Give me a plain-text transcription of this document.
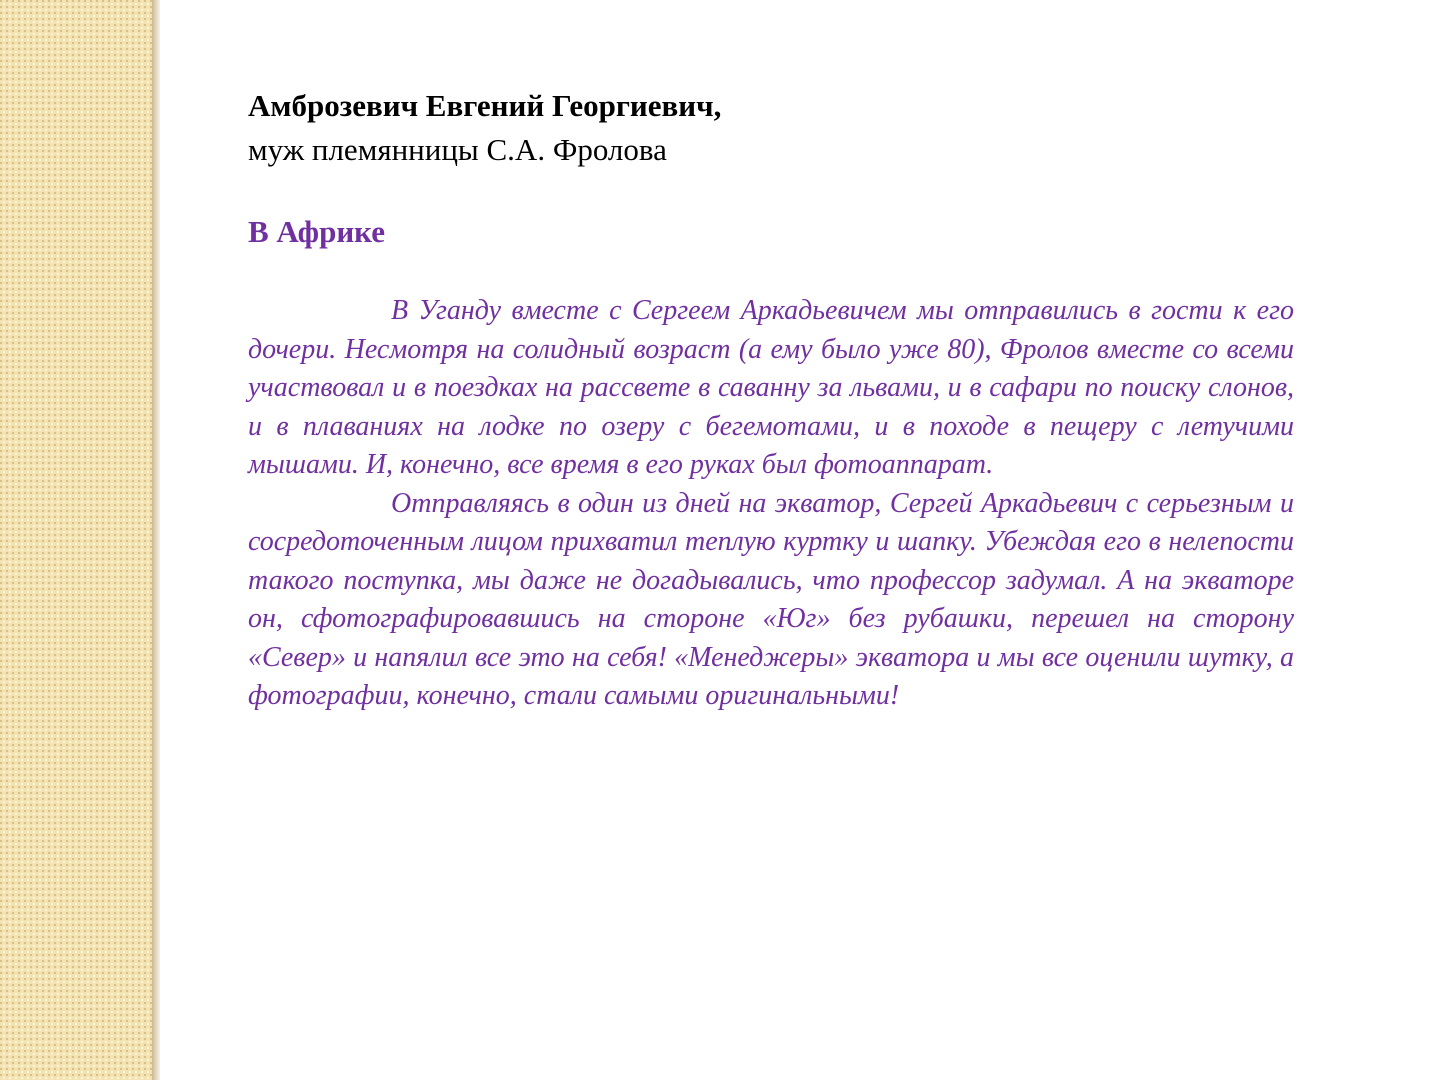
Амброзевич Евгений Георгиевич,

муж племянницы С.А. Фролова

В Африке

В Уганду вместе с Сергеем Аркадьевичем мы отправились в гости к его дочери. Несмотря на солидный возраст (а ему было уже 80), Фролов вместе со всеми участвовал и в поездках на рассвете в саванну за львами, и в сафари по поиску слонов, и в плаваниях на лодке по озеру с бегемотами, и в походе в пещеру с летучими мышами. И, конечно, все время в его руках был фотоаппарат.

Отправляясь в один из дней на экватор, Сергей Аркадьевич с серьезным и сосредоточенным лицом прихватил теплую куртку и шапку. Убеждая его в нелепости такого поступка, мы даже не догадывались, что профессор задумал. А на экваторе он, сфотографировавшись на стороне «Юг» без рубашки, перешел на сторону «Север» и напялил все это на себя! «Менеджеры» экватора и мы все оценили шутку, а фотографии, конечно, стали самыми оригинальными!
